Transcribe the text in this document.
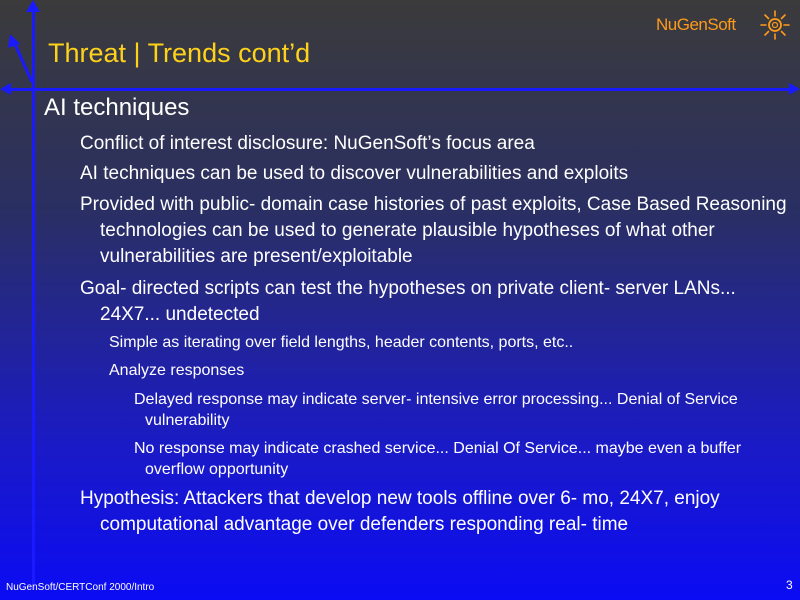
Threat | Trends cont’d
NuGenSoft
AI techniques
Conflict of interest disclosure: NuGenSoft’s focus area
AI techniques can be used to discover vulnerabilities and exploits
Provided with public- domain case histories of past exploits, Case Based Reasoning technologies can be used to generate plausible hypotheses of what other vulnerabilities are present/exploitable
Goal- directed scripts can test the hypotheses on private client- server LANs... 24X7... undetected
Simple as iterating over field lengths, header contents, ports, etc..
Analyze responses
Delayed response may indicate server- intensive error processing... Denial of Service vulnerability
No response may indicate crashed service... Denial Of Service... maybe even a buffer overflow opportunity
Hypothesis: Attackers that develop new tools offline over 6- mo, 24X7, enjoy computational advantage over defenders responding real- time
NuGenSoft/CERTConf 2000/Intro	3
